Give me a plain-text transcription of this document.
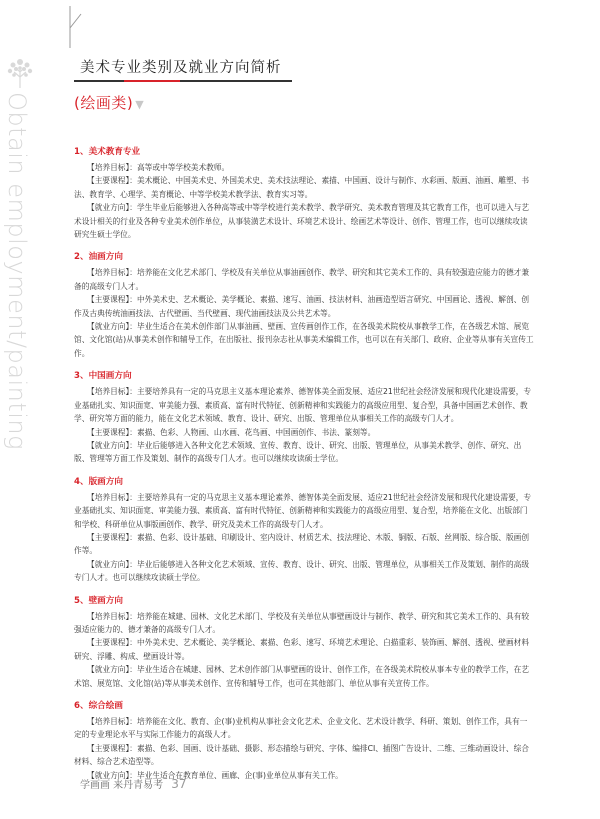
Obtain employment/painting
美术专业类别及就业方向简析
(绘画类) ▼
1、美术教育专业

【培养目标】：高等或中等学校美术教师。

【主要课程】：美术概论、中国美术史、外国美术史、美术技法理论、素描、中国画、设计与制作、水彩画、版画、油画、雕塑、书法、教育学、心理学、美育概论、中等学校美术教学法、教育实习等。

【就业方向】：学生毕业后能够进入各种高等或中等学校进行美术教学、教学研究、美术教育管理及其它教育工作，也可以进入与艺术设计相关的行业及各种专业美术创作单位，从事装潢艺术设计、环境艺术设计、绘画艺术等设计、创作、管理工作，也可以继续攻读研究生硕士学位。

2、油画方向

【培养目标】：培养能在文化艺术部门、学校及有关单位从事油画创作、教学、研究和其它美术工作的、具有较强造应能力的德才兼备的高级专门人才。

【主要课程】：中外美术史、艺术概论、美学概论、素描、速写、油画、技法材料、油画造型语言研究、中国画论、透视、解剖、创作及古典传统油画技法、古代壁画、当代壁画、现代油画技法及公共艺术等。

【就业方向】：毕业生适合在美术创作部门从事油画、壁画、宣传画创作工作，在各级美术院校从事教学工作，在各级艺术馆、展览馆、文化馆(站)从事美术创作和辅导工作，在出版社、报刊杂志社从事美术编辑工作，也可以在有关部门、政府、企业等从事有关宣传工作。

3、中国画方向

【培养目标】：主要培养具有一定的马克思主义基本理论素养、德智体美全面发展、适应21世纪社会经济发展和现代化建设需要，专业基础扎实、知识面宽、审美能力强、素质高、富有时代特征、创新精神和实践能力的高级应用型、复合型，具备中国画艺术创作、教学、研究等方面的能力，能在文化艺术领域、教育、设计、研究、出版、管理单位从事相关工作的高级专门人才。

【主要课程】：素描、色彩、人物画、山水画、花鸟画、中国画创作、书法、篆刻等。

【就业方向】：毕业后能够进入各种文化艺术领域、宣传、教育、设计、研究、出版、管理单位，从事美术教学、创作、研究、出版、管理等方面工作及策划、制作的高级专门人才。也可以继续攻读硕士学位。

4、版画方向

【培养目标】：主要培养具有一定的马克思主义基本理论素养、德智体美全面发展、适应21世纪社会经济发展和现代化建设需要，专业基础扎实、知识面宽、审美能力强、素质高、富有时代特征、创新精神和实践能力的高级应用型、复合型，培养能在文化、出版部门和学校、科研单位从事版画创作、教学、研究及美术工作的高级专门人才。

【主要课程】：素描、色彩、设计基础、印刷设计、室内设计、材质艺术、技法理论、木版、铜版、石版、丝网版、综合版、版画创作等。

【就业方向】：毕业后能够进入各种文化艺术领域、宣传、教育、设计、研究、出版、管理单位，从事相关工作及策划、制作的高级专门人才。也可以继续攻读硕士学位。

5、壁画方向

【培养目标】：培养能在城建、园林、文化艺术部门、学校及有关单位从事壁画设计与制作、教学、研究和其它美术工作的、具有较强适应能力的、德才兼备的高级专门人才。

【主要课程】：中外美术史、艺术概论、美学概论、素描、色彩、速写、环境艺术理论、白描重彩、装饰画、解剖、透视、壁画材料研究、浮雕、构成、壁画设计等。

【就业方向】：毕业生适合在城建、园林、艺术创作部门从事壁画的设计、创作工作，在各级美术院校从事本专业的教学工作，在艺术馆、展览馆、文化馆(站)等从事美术创作、宣传和辅导工作，也可在其他部门、单位从事有关宣传工作。

6、综合绘画

【培养目标】：培养能在文化、教育、企(事)业机构从事社会文化艺术、企业文化、艺术设计教学、科研、策划、创作工作，具有一定的专业理论水平与实际工作能力的高级人才。

【主要课程】：素描、色彩、国画、设计基础、摄影、形态描绘与研究、字体、编排CI、插图广告设计、二维、三维动画设计、综合材料、综合艺术造型等。

【就业方向】：毕业生适合在教育单位、画廊、企(事)业单位从事有关工作。

学画画 来丹青易考 37
